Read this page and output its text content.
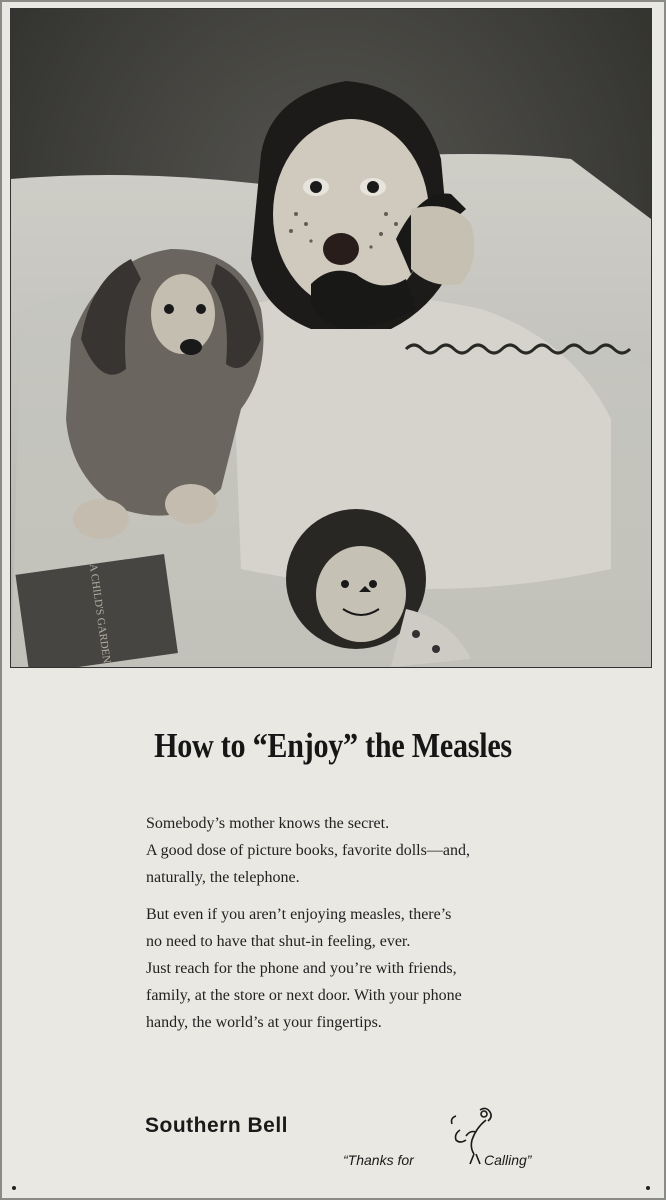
A CHILD'S GARDEN
How to “Enjoy” the Measles

Somebody’s mother knows the secret.
A good dose of picture books, favorite dolls—and,
naturally, the telephone.

But even if you aren’t enjoying measles, there’s
no need to have that shut-in feeling, ever.
Just reach for the phone and you’re with friends,
family, at the store or next door. With your phone
handy, the world’s at your fingertips.

Southern Bell
“Thanks for	Calling”
